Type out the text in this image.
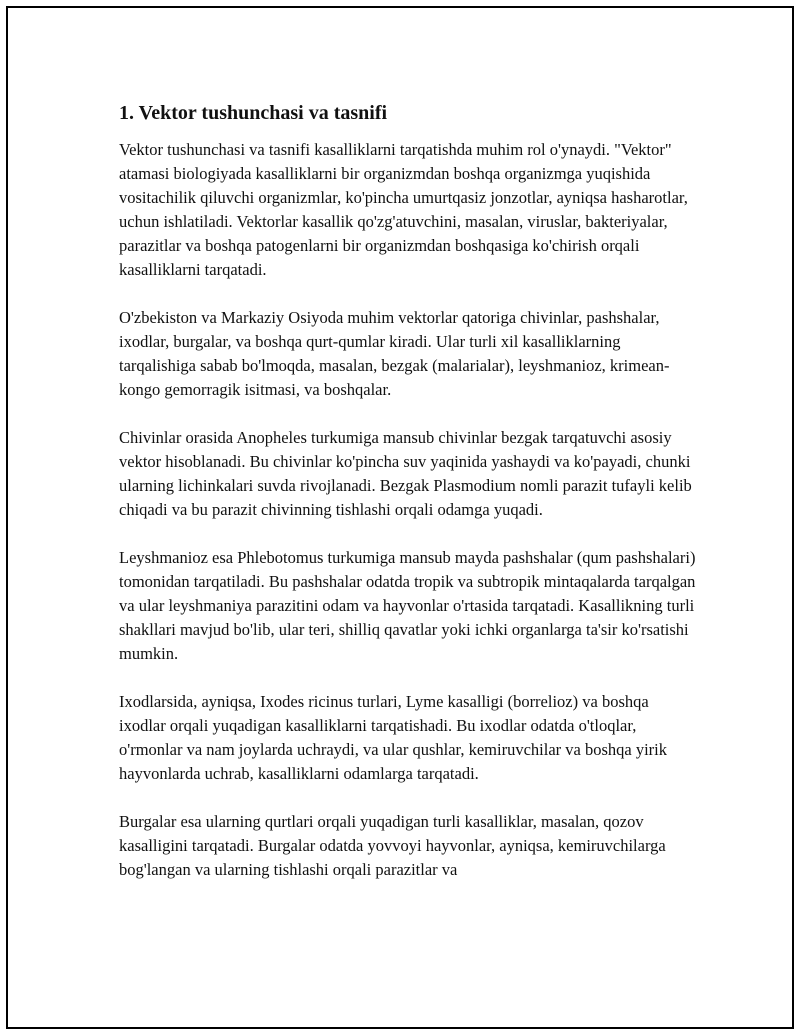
1. Vektor tushunchasi va tasnifi

Vektor tushunchasi va tasnifi kasalliklarni tarqatishda muhim rol o'ynaydi. "Vektor" atamasi biologiyada kasalliklarni bir organizmdan boshqa organizmga yuqishida vositachilik qiluvchi organizmlar, ko'pincha umurtqasiz jonzotlar, ayniqsa hasharotlar, uchun ishlatiladi. Vektorlar kasallik qo'zg'atuvchini, masalan, viruslar, bakteriyalar, parazitlar va boshqa patogenlarni bir organizmdan boshqasiga ko'chirish orqali kasalliklarni tarqatadi.

O'zbekiston va Markaziy Osiyoda muhim vektorlar qatoriga chivinlar, pashshalar, ixodlar, burgalar, va boshqa qurt-qumlar kiradi. Ular turli xil kasalliklarning tarqalishiga sabab bo'lmoqda, masalan, bezgak (malarialar), leyshmanioz, krimean-kongo gemorragik isitmasi, va boshqalar.

Chivinlar orasida Anopheles turkumiga mansub chivinlar bezgak tarqatuvchi asosiy vektor hisoblanadi. Bu chivinlar ko'pincha suv yaqinida yashaydi va ko'payadi, chunki ularning lichinkalari suvda rivojlanadi. Bezgak Plasmodium nomli parazit tufayli kelib chiqadi va bu parazit chivinning tishlashi orqali odamga yuqadi.

Leyshmanioz esa Phlebotomus turkumiga mansub mayda pashshalar (qum pashshalari) tomonidan tarqatiladi. Bu pashshalar odatda tropik va subtropik mintaqalarda tarqalgan va ular leyshmaniya parazitini odam va hayvonlar o'rtasida tarqatadi. Kasallikning turli shakllari mavjud bo'lib, ular teri, shilliq qavatlar yoki ichki organlarga ta'sir ko'rsatishi mumkin.

Ixodlarsida, ayniqsa, Ixodes ricinus turlari, Lyme kasalligi (borrelioz) va boshqa ixodlar orqali yuqadigan kasalliklarni tarqatishadi. Bu ixodlar odatda o'tloqlar, o'rmonlar va nam joylarda uchraydi, va ular qushlar, kemiruvchilar va boshqa yirik hayvonlarda uchrab, kasalliklarni odamlarga tarqatadi.

Burgalar esa ularning qurtlari orqali yuqadigan turli kasalliklar, masalan, qozov kasalligini tarqatadi. Burgalar odatda yovvoyi hayvonlar, ayniqsa, kemiruvchilarga bog'langan va ularning tishlashi orqali parazitlar va
